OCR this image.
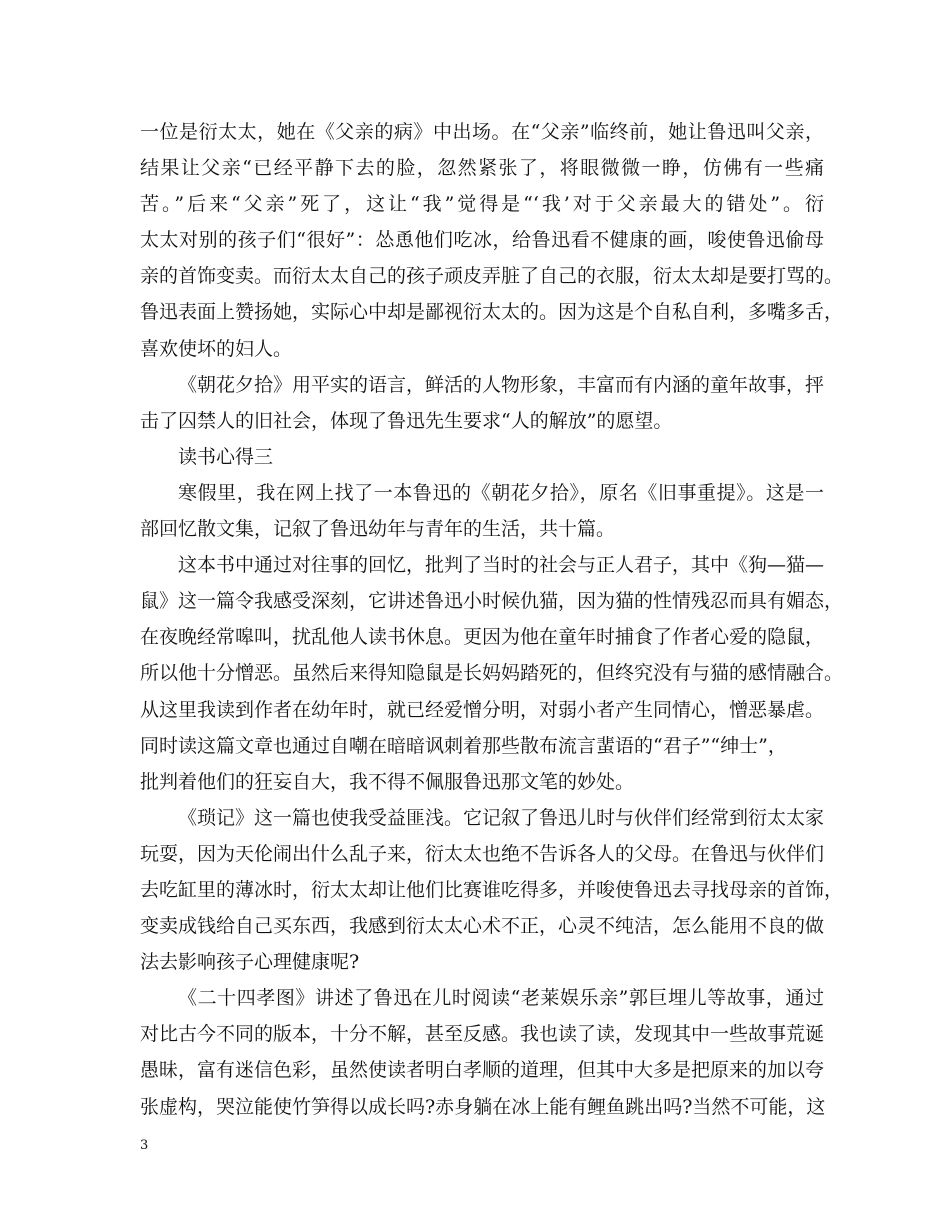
一位是衍太太，她在《父亲的病》中出场。在“父亲”临终前，她让鲁迅叫父亲，
结果让父亲“已经平静下去的脸，忽然紧张了，将眼微微一睁，仿佛有一些痛
苦。”后来“父亲”死了，这让“我”觉得是“‘我’对于父亲最大的错处”。衍
太太对别的孩子们“很好”：怂恿他们吃冰，给鲁迅看不健康的画，唆使鲁迅偷母
亲的首饰变卖。而衍太太自己的孩子顽皮弄脏了自己的衣服，衍太太却是要打骂的。
鲁迅表面上赞扬她，实际心中却是鄙视衍太太的。因为这是个自私自利，多嘴多舌，
喜欢使坏的妇人。
《朝花夕拾》用平实的语言，鲜活的人物形象，丰富而有内涵的童年故事，抨
击了囚禁人的旧社会，体现了鲁迅先生要求“人的解放”的愿望。
读书心得三
寒假里，我在网上找了一本鲁迅的《朝花夕拾》，原名《旧事重提》。这是一
部回忆散文集，记叙了鲁迅幼年与青年的生活，共十篇。
这本书中通过对往事的回忆，批判了当时的社会与正人君子，其中《狗—猫—
鼠》这一篇令我感受深刻，它讲述鲁迅小时候仇猫，因为猫的性情残忍而具有媚态，
在夜晚经常嗥叫，扰乱他人读书休息。更因为他在童年时捕食了作者心爱的隐鼠，
所以他十分憎恶。虽然后来得知隐鼠是长妈妈踏死的，但终究没有与猫的感情融合。
从这里我读到作者在幼年时，就已经爱憎分明，对弱小者产生同情心，憎恶暴虐。
同时读这篇文章也通过自嘲在暗暗讽刺着那些散布流言蜚语的“君子”“绅士”，
批判着他们的狂妄自大，我不得不佩服鲁迅那文笔的妙处。
《琐记》这一篇也使我受益匪浅。它记叙了鲁迅儿时与伙伴们经常到衍太太家
玩耍，因为天伦闹出什么乱子来，衍太太也绝不告诉各人的父母。在鲁迅与伙伴们
去吃缸里的薄冰时，衍太太却让他们比赛谁吃得多，并唆使鲁迅去寻找母亲的首饰，
变卖成钱给自己买东西，我感到衍太太心术不正，心灵不纯洁，怎么能用不良的做
法去影响孩子心理健康呢?
《二十四孝图》讲述了鲁迅在儿时阅读“老莱娱乐亲”郭巨埋儿等故事，通过
对比古今不同的版本，十分不解，甚至反感。我也读了读，发现其中一些故事荒诞
愚昧，富有迷信色彩，虽然使读者明白孝顺的道理，但其中大多是把原来的加以夸
张虚构，哭泣能使竹笋得以成长吗?赤身躺在冰上能有鲤鱼跳出吗?当然不可能，这
3
